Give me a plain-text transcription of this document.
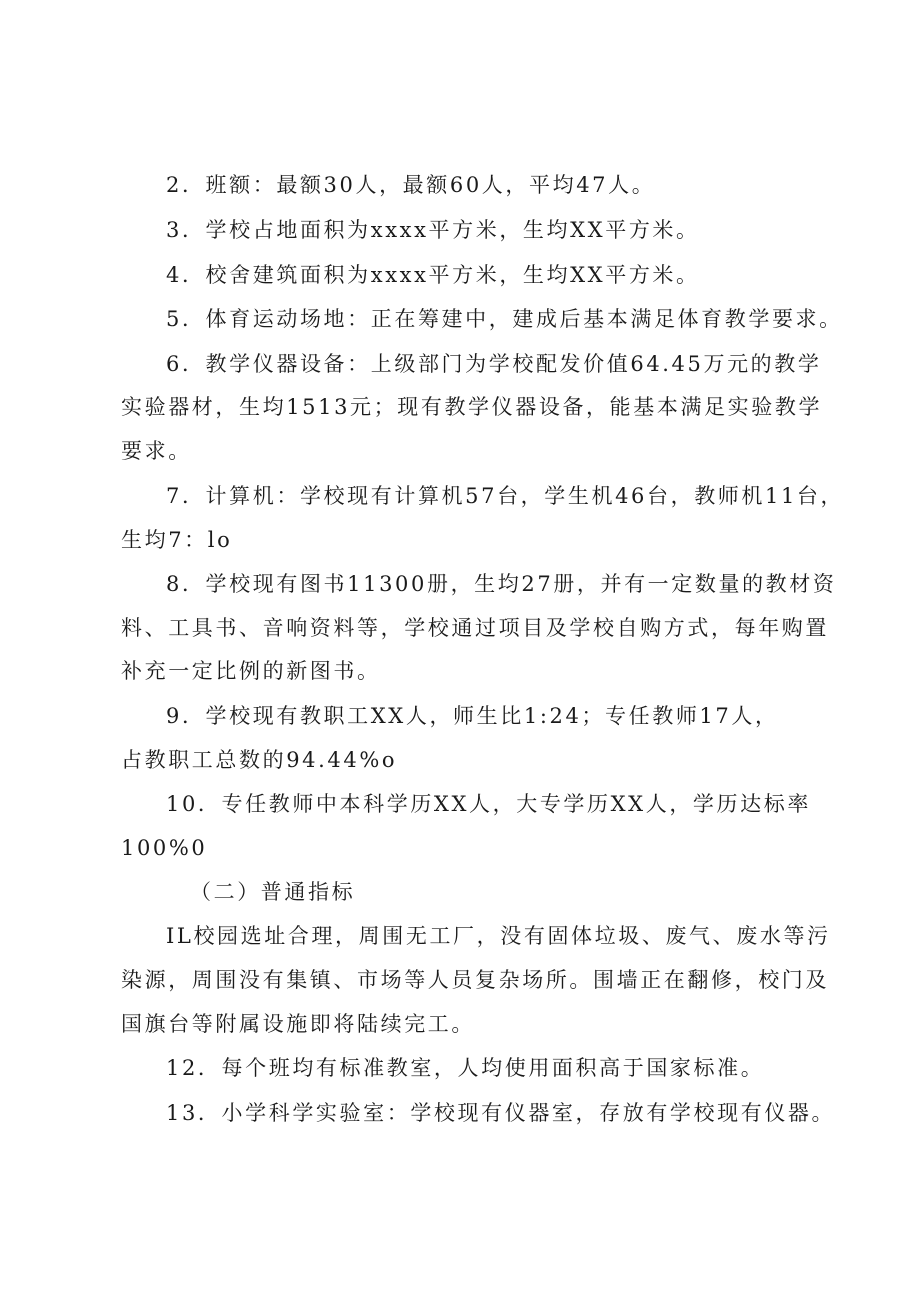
2．班额：最额30人，最额60人，平均47人。
3．学校占地面积为xxxx平方米，生均XX平方米。
4．校舍建筑面积为xxxx平方米，生均XX平方米。
5．体育运动场地：正在筹建中，建成后基本满足体育教学要求。
6．教学仪器设备：上级部门为学校配发价值64.45万元的教学
实验器材，生均1513元；现有教学仪器设备，能基本满足实验教学
要求。
7．计算机：学校现有计算机57台，学生机46台，教师机11台，
生均7：lo
8．学校现有图书11300册，生均27册，并有一定数量的教材资
料、工具书、音响资料等，学校通过项目及学校自购方式，每年购置
补充一定比例的新图书。
9．学校现有教职工XX人，师生比1:24；专任教师17人，
占教职工总数的94.44%o
10．专任教师中本科学历XX人，大专学历XX人，学历达标率
100%0
（二）普通指标
IL校园选址合理，周围无工厂，没有固体垃圾、废气、废水等污
染源，周围没有集镇、市场等人员复杂场所。围墙正在翻修，校门及
国旗台等附属设施即将陆续完工。
12．每个班均有标准教室，人均使用面积高于国家标准。
13．小学科学实验室：学校现有仪器室，存放有学校现有仪器。
